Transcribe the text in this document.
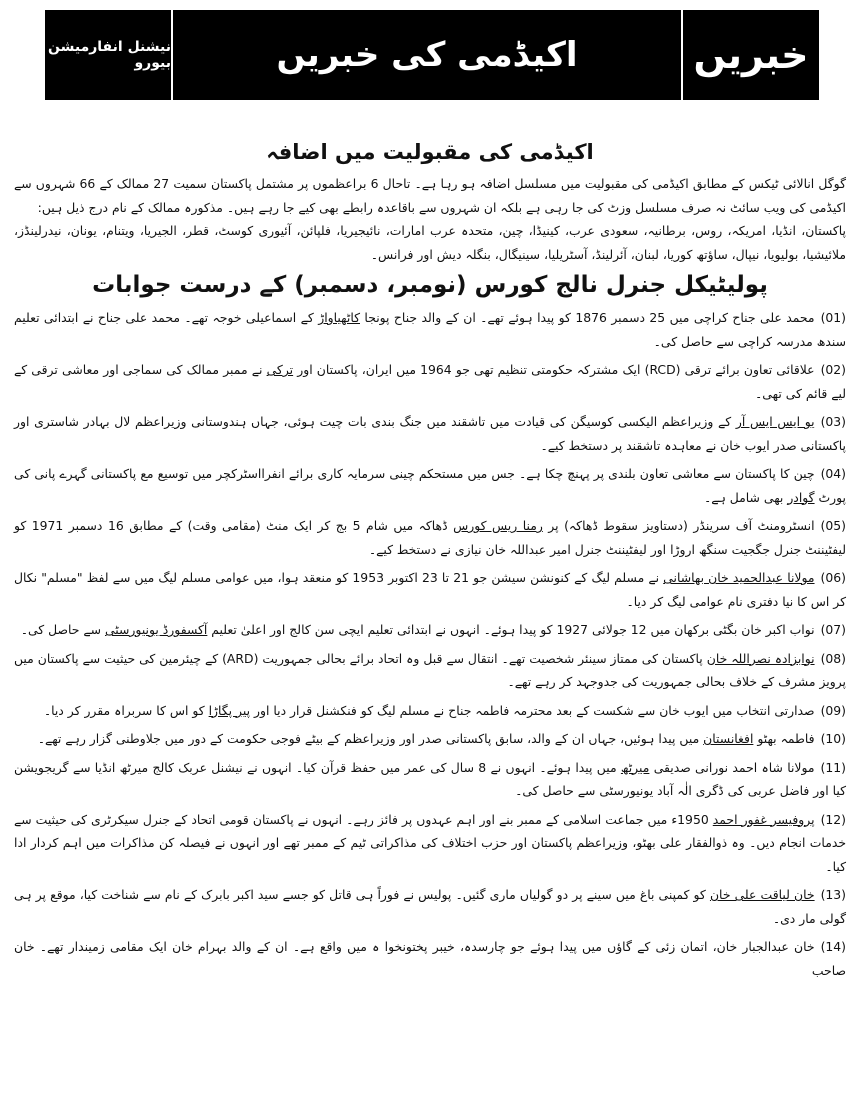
نیشنل انفارمیشن بیورو	اکیڈمی کی خبریں	خبریں
اکیڈمی کی مقبولیت میں اضافہ

گوگل انالائی ٹیکس کے مطابق اکیڈمی کی مقبولیت میں مسلسل اضافہ ہو رہا ہے۔ تاحال 6 براعظموں پر مشتمل پاکستان سمیت 27 ممالک کے 66 شہروں سے اکیڈمی کی ویب سائٹ نہ صرف مسلسل وزٹ کی جا رہی ہے بلکہ ان شہروں سے باقاعدہ رابطے بھی کیے جا رہے ہیں۔ مذکورہ ممالک کے نام درج ذیل ہیں:

پاکستان، انڈیا، امریکہ، روس، برطانیہ، سعودی عرب، کینیڈا، چین، متحدہ عرب امارات، نائیجیریا، فلپائن، آئیوری کوسٹ، قطر، الجیریا، ویتنام، یونان، نیدرلینڈز، ملائیشیا، بولیویا، نیپال، ساؤتھ کوریا، لبنان، آئرلینڈ، آسٹریلیا، سینیگال، بنگلہ دیش اور فرانس۔

پولیٹیکل جنرل نالج کورس (نومبر، دسمبر) کے درست جوابات

(01)محمد علی جناح کراچی میں 25 دسمبر 1876 کو پیدا ہوئے تھے۔ ان کے والد جناح پونجا کاٹھیاواڑ کے اسماعیلی خوجہ تھے۔ محمد علی جناح نے ابتدائی تعلیم سندھ مدرسہ کراچی سے حاصل کی۔

(02)علاقائی تعاون برائے ترقی (RCD) ایک مشترکہ حکومتی تنظیم تھی جو 1964 میں ایران، پاکستان اور ترکی نے ممبر ممالک کی سماجی اور معاشی ترقی کے لیے قائم کی تھی۔

(03)یو ایس ایس آر کے وزیراعظم الیکسی کوسیگن کی قیادت میں تاشقند میں جنگ بندی بات چیت ہوئی، جہاں ہندوستانی وزیراعظم لال بہادر شاستری اور پاکستانی صدر ایوب خان نے معاہدہ تاشقند پر دستخط کیے۔

(04)چین کا پاکستان سے معاشی تعاون بلندی پر پہنچ چکا ہے۔ جس میں مستحکم چینی سرمایہ کاری برائے انفرااسٹرکچر میں توسیع مع پاکستانی گہرے پانی کی پورٹ گوادر بھی شامل ہے۔

(05)انسٹرومنٹ آف سرینڈر (دستاویز سقوط ڈھاکہ) پر رمنا ریس کورس ڈھاکہ میں شام 5 بج کر ایک منٹ (مقامی وقت) کے مطابق 16 دسمبر 1971 کو لیفٹیننٹ جنرل جگجیت سنگھ اروڑا اور لیفٹیننٹ جنرل امیر عبداللہ خان نیازی نے دستخط کیے۔

(06)مولانا عبدالحمید خان بھاشانی نے مسلم لیگ کے کنونشن سیشن جو 21 تا 23 اکتوبر 1953 کو منعقد ہوا، میں عوامی مسلم لیگ میں سے لفظ "مسلم" نکال کر اس کا نیا دفتری نام عوامی لیگ کر دیا۔

(07)نواب اکبر خان بگٹی برکھان میں 12 جولائی 1927 کو پیدا ہوئے۔ انہوں نے ابتدائی تعلیم ایچی سن کالج اور اعلیٰ تعلیم آکسفورڈ یونیورسٹی سے حاصل کی۔

(08)نوابزادہ نصراللہ خان پاکستان کی ممتاز سینئر شخصیت تھے۔ انتقال سے قبل وہ اتحاد برائے بحالی جمہوریت (ARD) کے چیئرمین کی حیثیت سے پاکستان میں پرویز مشرف کے خلاف بحالی جمہوریت کی جدوجہد کر رہے تھے۔

(09)صدارتی انتخاب میں ایوب خان سے شکست کے بعد محترمہ فاطمہ جناح نے مسلم لیگ کو فنکشنل قرار دیا اور پیر پگاڑا کو اس کا سربراہ مقرر کر دیا۔

(10)فاطمہ بھٹو افغانستان میں پیدا ہوئیں، جہاں ان کے والد، سابق پاکستانی صدر اور وزیراعظم کے بیٹے فوجی حکومت کے دور میں جلاوطنی گزار رہے تھے۔

(11)مولانا شاہ احمد نورانی صدیقی میرٹھ میں پیدا ہوئے۔ انہوں نے 8 سال کی عمر میں حفظ قرآن کیا۔ انہوں نے نیشنل عربک کالج میرٹھ انڈیا سے گریجویشن کیا اور فاضل عربی کی ڈگری الٰہ آباد یونیورسٹی سے حاصل کی۔

(12)پروفیسر غفور احمد 1950ء میں جماعت اسلامی کے ممبر بنے اور اہم عہدوں پر فائز رہے۔ انہوں نے پاکستان قومی اتحاد کے جنرل سیکرٹری کی حیثیت سے خدمات انجام دیں۔ وہ ذوالفقار علی بھٹو، وزیراعظم پاکستان اور حزب اختلاف کی مذاکراتی ٹیم کے ممبر تھے اور انہوں نے فیصلہ کن مذاکرات میں اہم کردار ادا کیا۔

(13)خان لیاقت علی خان کو کمپنی باغ میں سینے پر دو گولیاں ماری گئیں۔ پولیس نے فوراً ہی قاتل کو جسے سید اکبر بابرک کے نام سے شناخت کیا، موقع پر ہی گولی مار دی۔

(14)خان عبدالجبار خان، اتمان زئی کے گاؤں میں پیدا ہوئے جو چارسدہ، خیبر پختونخوا ہ میں واقع ہے۔ ان کے والد بہرام خان ایک مقامی زمیندار تھے۔ خان صاحب
